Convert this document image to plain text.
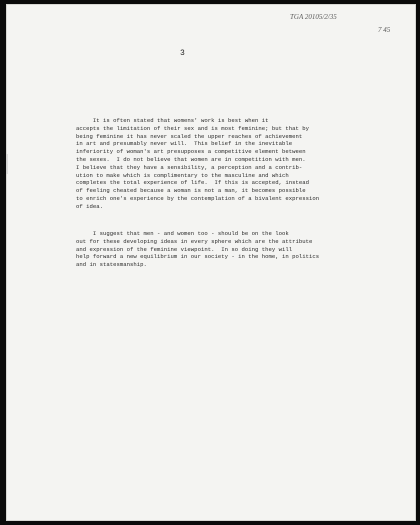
TGA 20105/2/35
7 45
3
It is often stated that womens' work is best when it
accepts the limitation of their sex and is most feminine; but that by
being feminine it has never scaled the upper reaches of achievement
in art and presumably never will.  This belief in the inevitable
inferiority of woman's art presupposes a competitive element between
the sexes.  I do not believe that women are in competition with men.
I believe that they have a sensibility, a perception and a contrib-
ution to make which is complimentary to the masculine and which
completes the total experience of life.  If this is accepted, instead
of feeling cheated because a woman is not a man, it becomes possible
to enrich one's experience by the contemplation of a bivalent expression
of idea.
I suggest that men - and women too - should be on the look
out for these developing ideas in every sphere which are the attribute
and expression of the feminine viewpoint.  In so doing they will
help forward a new equilibrium in our society - in the home, in politics
and in statesmanship.
